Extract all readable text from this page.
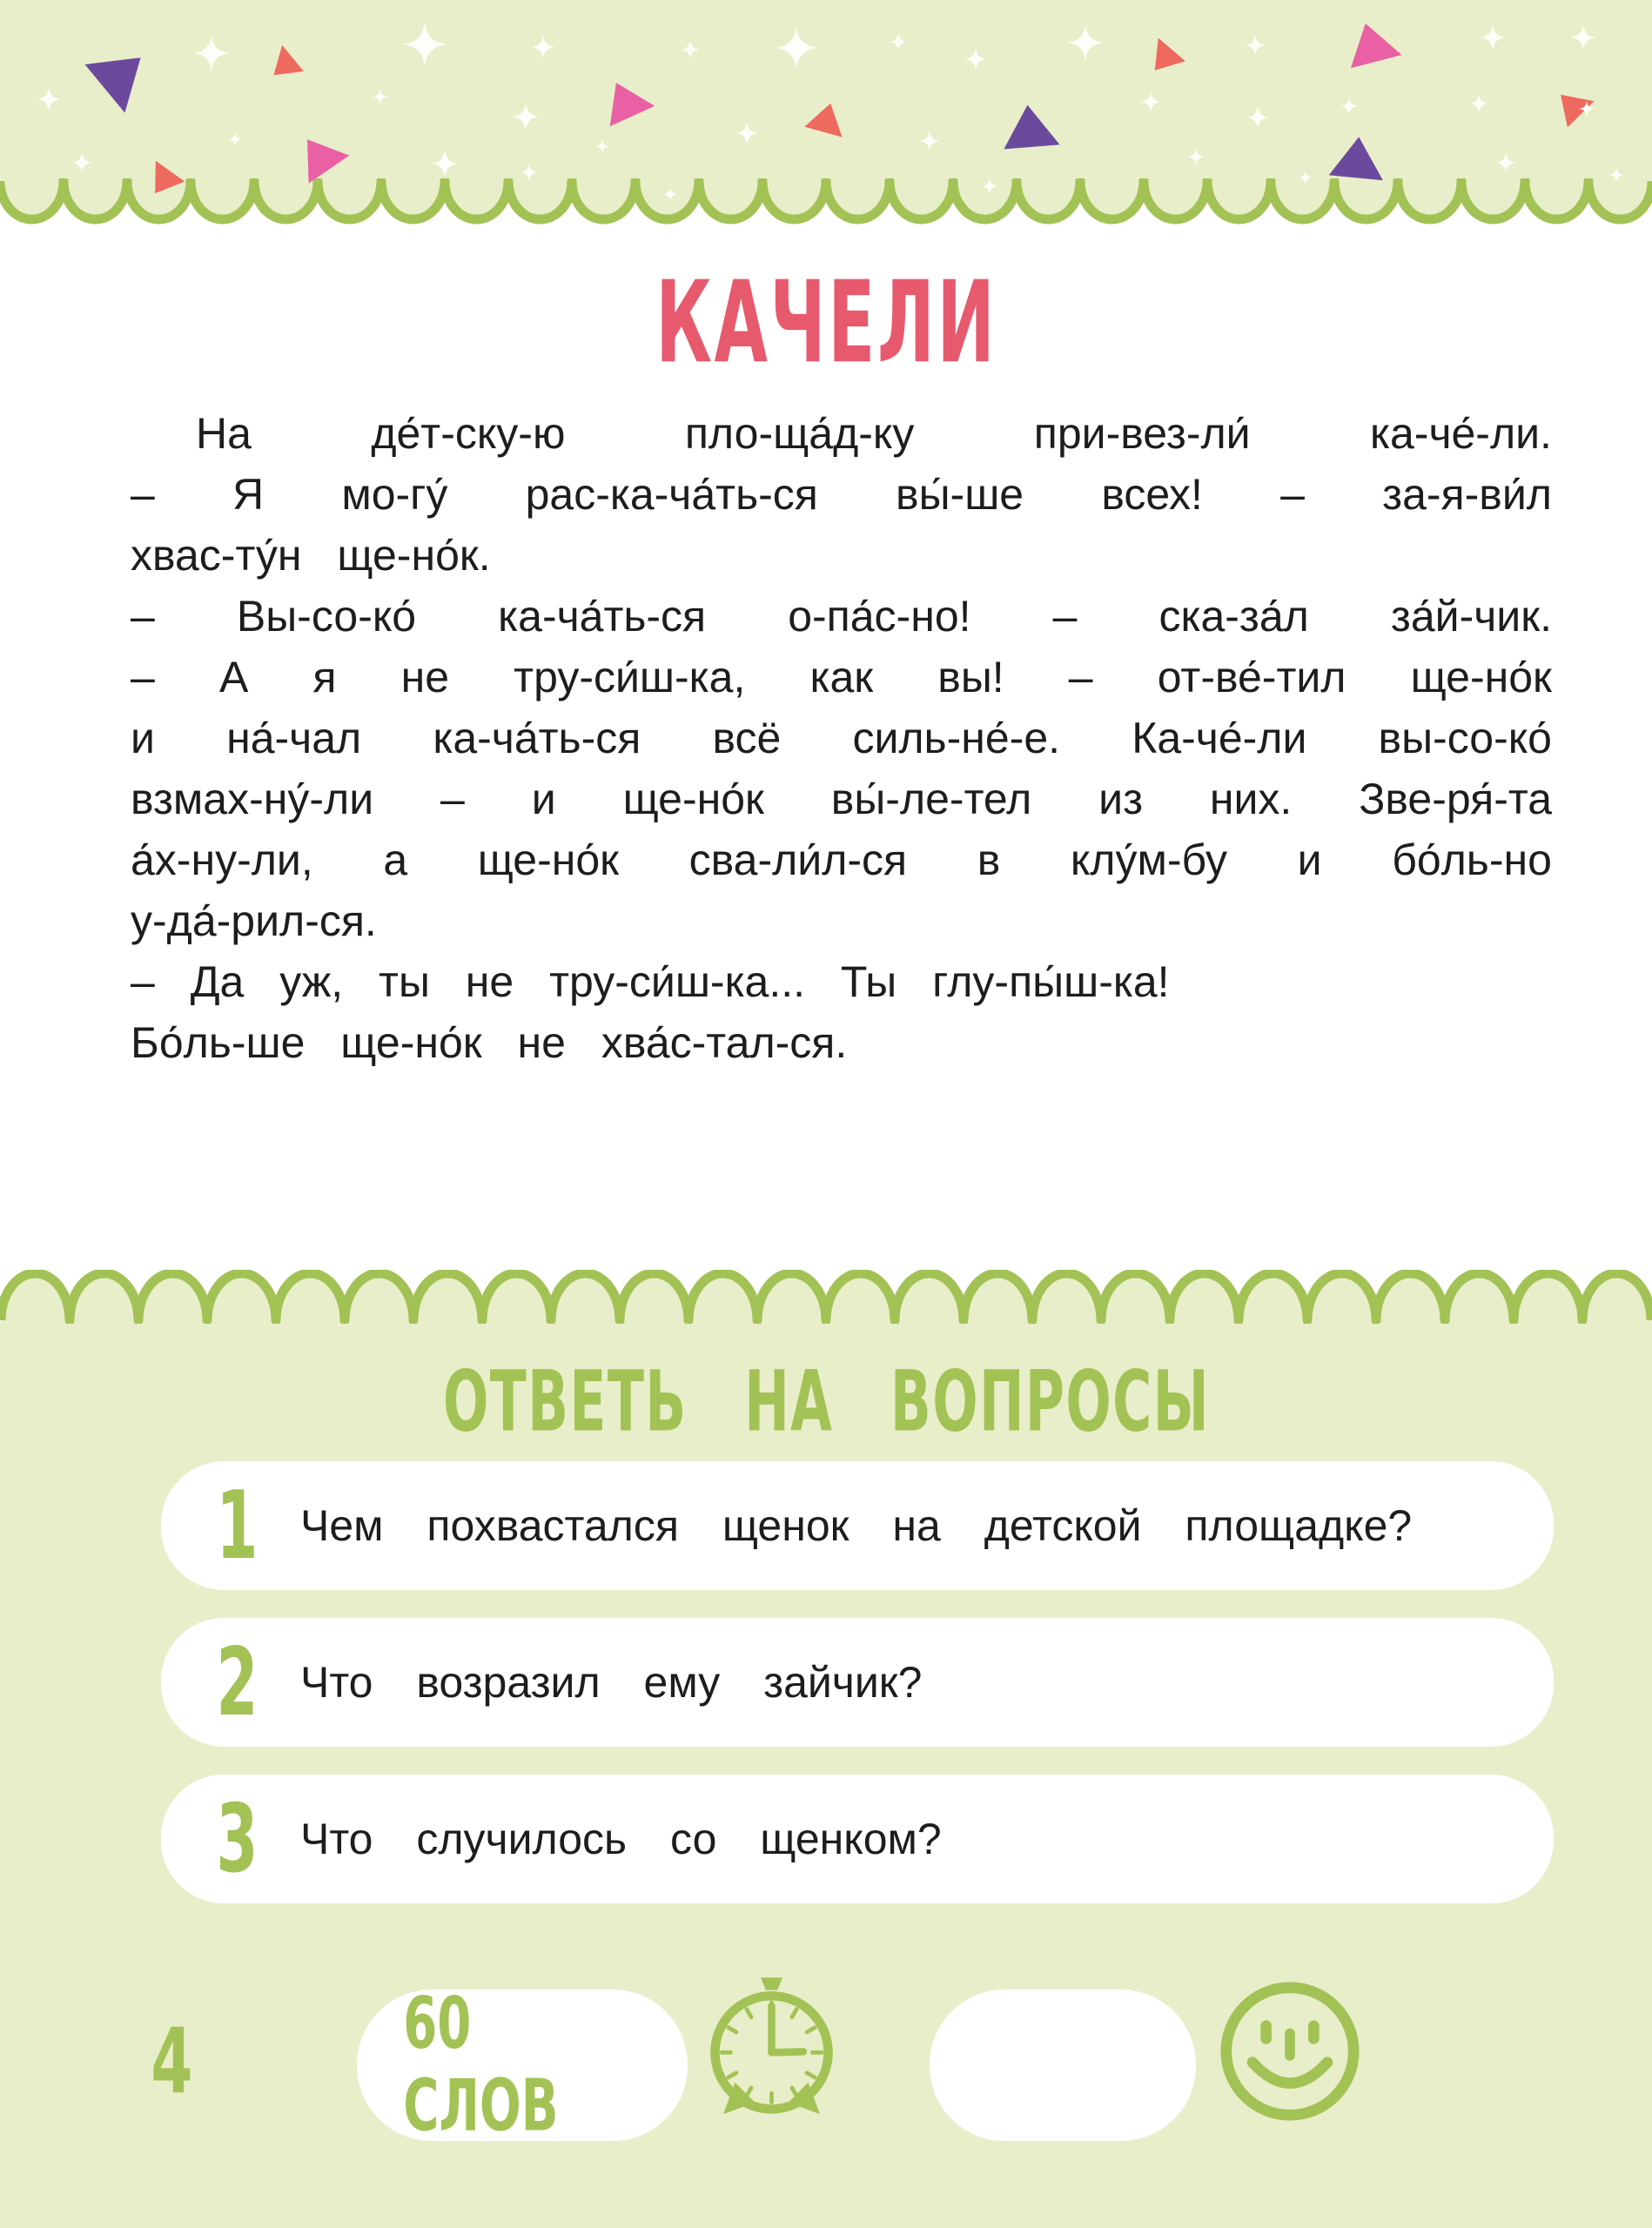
КАЧЕЛИ
На	де́т-ску-ю	пло-ща́д-ку	при-вез-ли́	ка-че́-ли.
– Я мо-гу́ рас-ка-ча́ть-ся вы́-ше всех! – за-я-ви́л
хвас-ту́н ще-но́к.
– Вы-со-ко́ ка-ча́ть-ся о-па́с-но! – ска-за́л за́й-чик.
– А я не тру-си́ш-ка, как вы! – от-ве́-тил ще-но́к
и на́-чал ка-ча́ть-ся всё силь-не́-е. Ка-че́-ли вы-со-ко́
взмах-ну́-ли – и ще-но́к вы́-ле-тел из них. Зве-ря́-та
а́х-ну-ли, а ще-но́к сва-ли́л-ся в клу́м-бу и бо́ль-но
у-да́-рил-ся.
– Да уж, ты не тру-си́ш-ка... Ты глу-пы́ш-ка!
Бо́ль-ше ще-но́к не хва́с-тал-ся.
ОТВЕТЬ НА ВОПРОСЫ
1 Чем похвастался щенок на детской площадке?
2 Что возразил ему зайчик?
3 Что случилось со щенком?
4	60 СЛОВ
